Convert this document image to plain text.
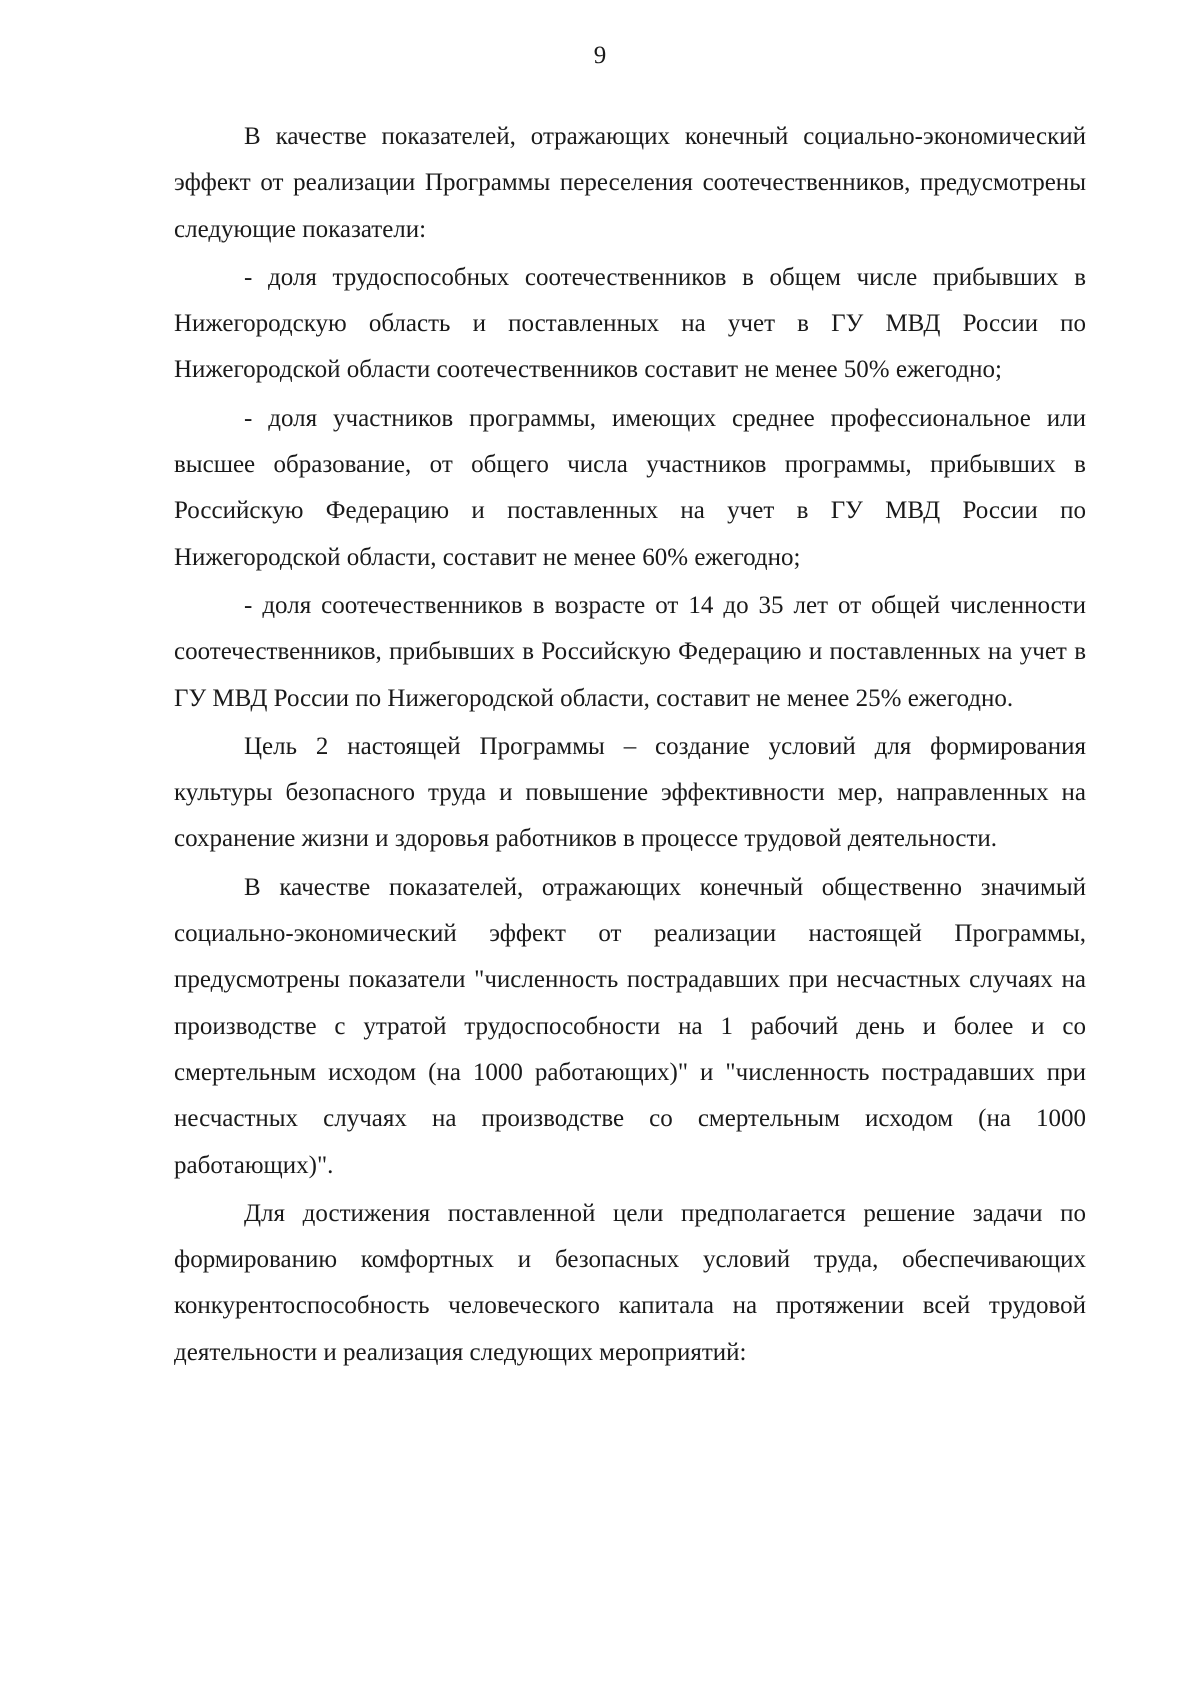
9

В качестве показателей, отражающих конечный социально-экономический эффект от реализации Программы переселения соотечественников, предусмотрены следующие показатели:

- доля трудоспособных соотечественников в общем числе прибывших в Нижегородскую область и поставленных на учет в ГУ МВД России по Нижегородской области соотечественников составит не менее 50% ежегодно;

- доля участников программы, имеющих среднее профессиональное или высшее образование, от общего числа участников программы, прибывших в Российскую Федерацию и поставленных на учет в ГУ МВД России по Нижегородской области, составит не менее 60% ежегодно;

- доля соотечественников в возрасте от 14 до 35 лет от общей численности соотечественников, прибывших в Российскую Федерацию и поставленных на учет в ГУ МВД России по Нижегородской области, составит не менее 25% ежегодно.

Цель 2 настоящей Программы – создание условий для формирования культуры безопасного труда и повышение эффективности мер, направленных на сохранение жизни и здоровья работников в процессе трудовой деятельности.

В качестве показателей, отражающих конечный общественно значимый социально-экономический эффект от реализации настоящей Программы, предусмотрены показатели "численность пострадавших при несчастных случаях на производстве с утратой трудоспособности на 1 рабочий день и более и со смертельным исходом (на 1000 работающих)" и "численность пострадавших при несчастных случаях на производстве со смертельным исходом (на 1000 работающих)".

Для достижения поставленной цели предполагается решение задачи по формированию комфортных и безопасных условий труда, обеспечивающих конкурентоспособность человеческого капитала на протяжении всей трудовой деятельности и реализация следующих мероприятий:
